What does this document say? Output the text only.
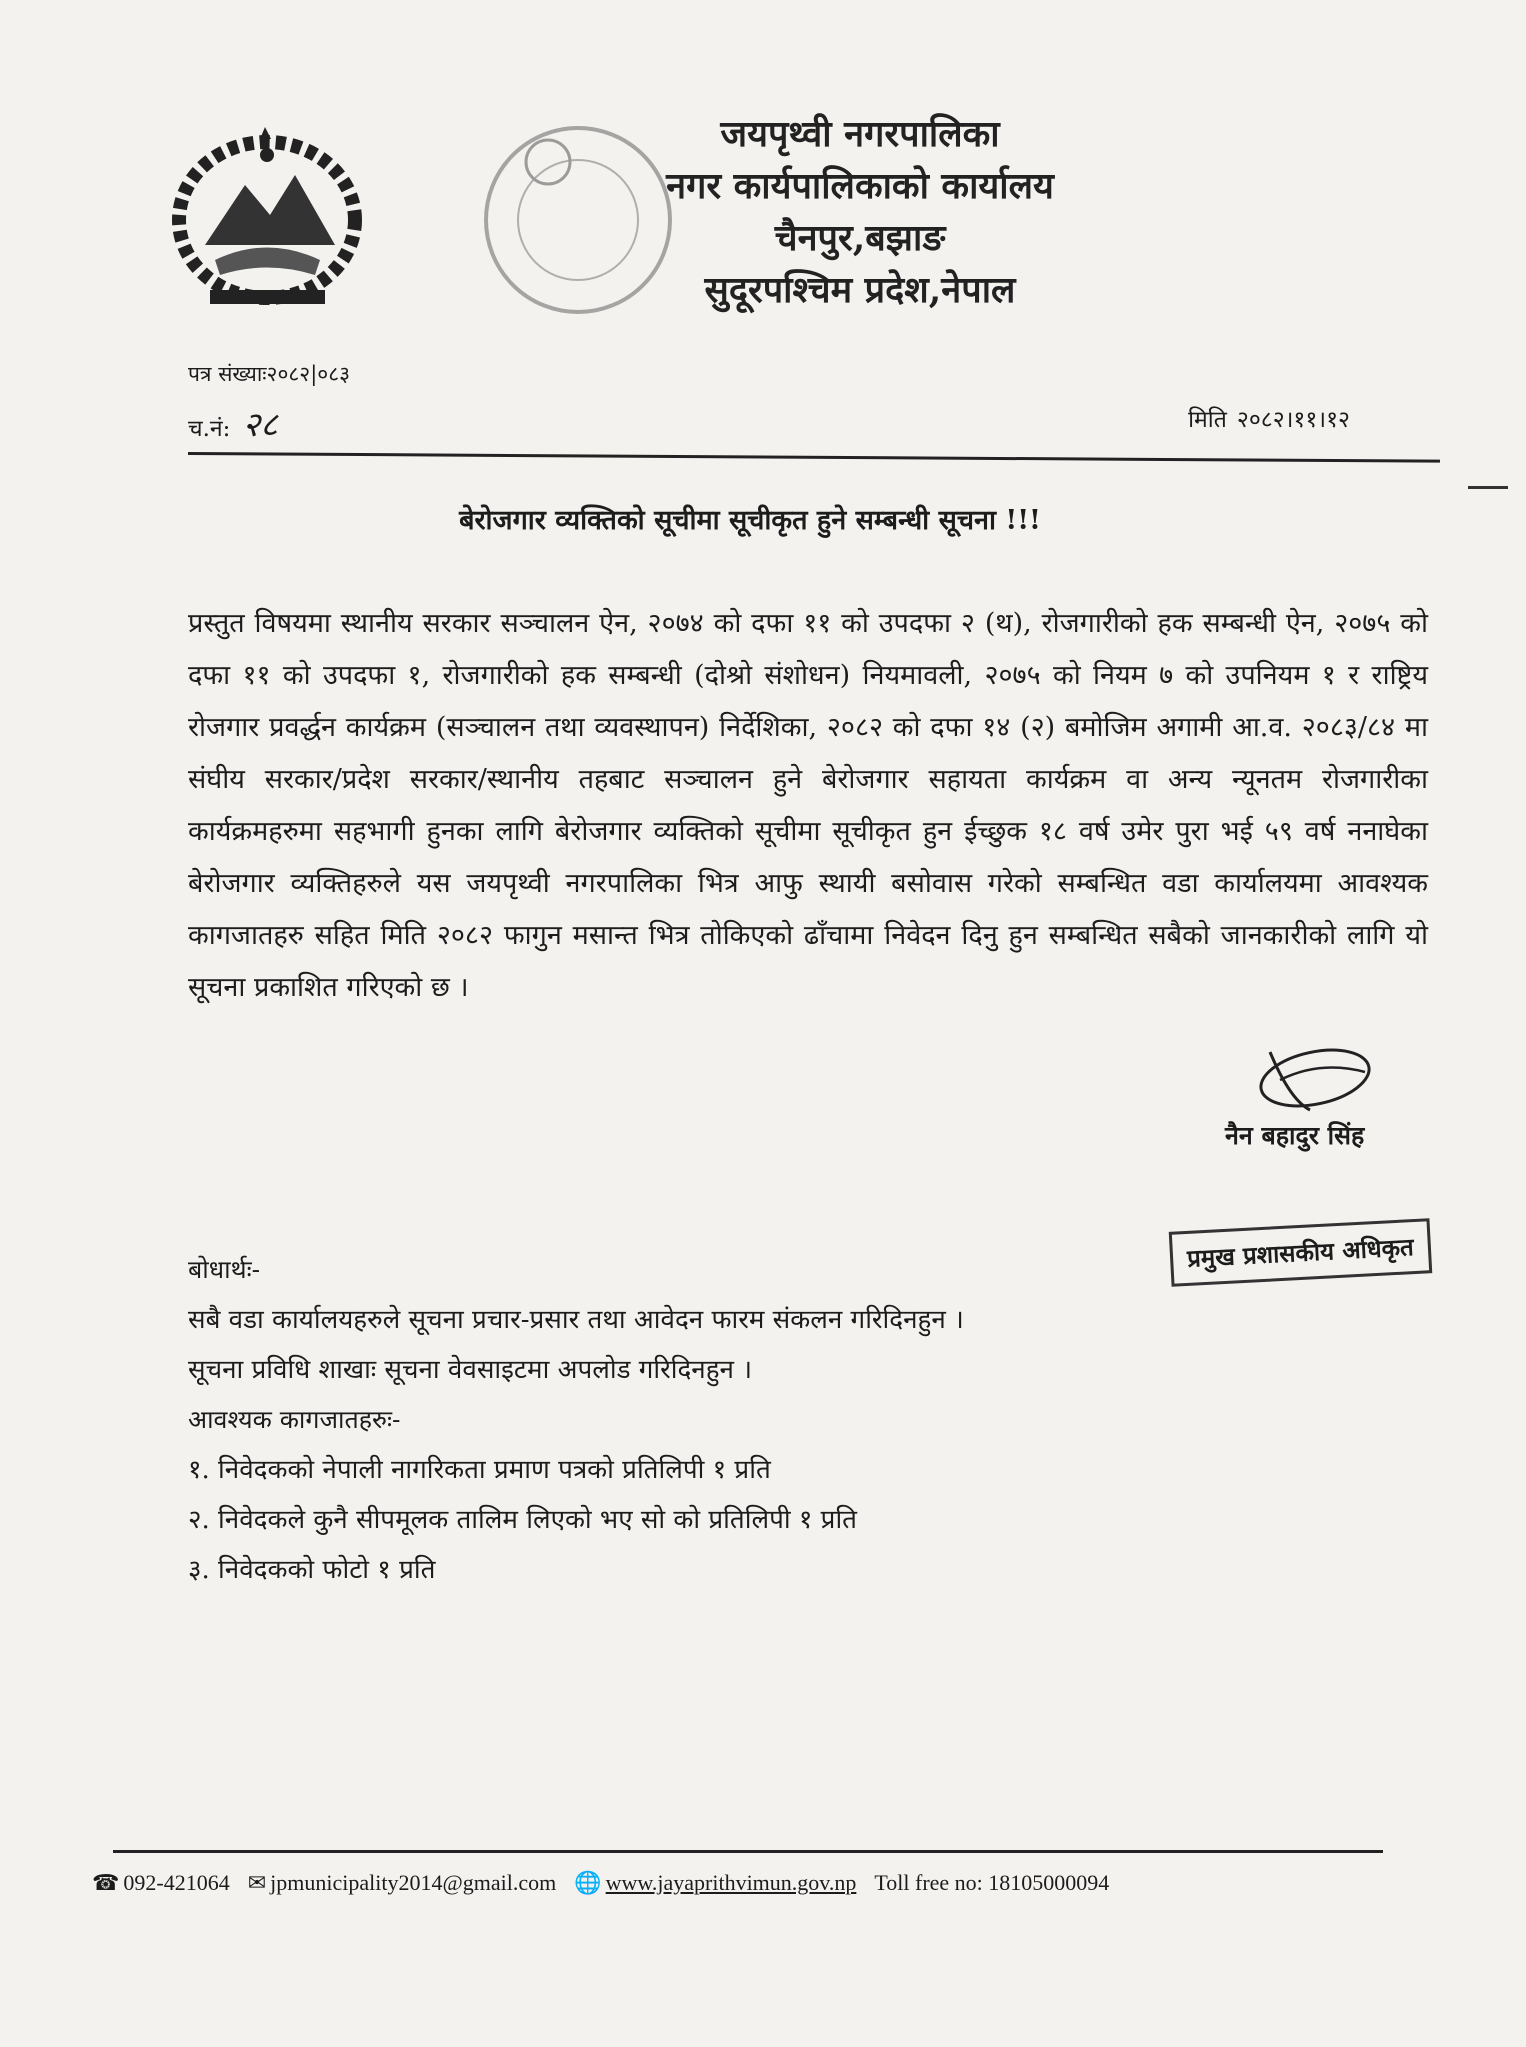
जयपृथ्वी नगरपालिका
नगर कार्यपालिकाको कार्यालय
चैनपुर,बझाङ
सुदूरपश्चिम प्रदेश,नेपाल
पत्र संख्याः२०८२|०८३
च.नं: २८	मिति २०८२।११।१२
बेरोजगार व्यक्तिको सूचीमा सूचीकृत हुने सम्बन्धी सूचना !!!
प्रस्तुत विषयमा स्थानीय सरकार सञ्चालन ऐन, २०७४ को दफा ११ को उपदफा २ (थ), रोजगारीको हक सम्बन्धी ऐन, २०७५ को दफा ११ को उपदफा १, रोजगारीको हक सम्बन्धी (दोश्रो संशोधन) नियमावली, २०७५ को नियम ७ को उपनियम १ र राष्ट्रिय रोजगार प्रवर्द्धन कार्यक्रम (सञ्चालन तथा व्यवस्थापन) निर्देशिका, २०८२ को दफा १४ (२) बमोजिम अगामी आ.व. २०८३/८४ मा संघीय सरकार/प्रदेश सरकार/स्थानीय तहबाट सञ्चालन हुने बेरोजगार सहायता कार्यक्रम वा अन्य न्यूनतम रोजगारीका कार्यक्रमहरुमा सहभागी हुनका लागि बेरोजगार व्यक्तिको सूचीमा सूचीकृत हुन ईच्छुक १८ वर्ष उमेर पुरा भई ५९ वर्ष ननाघेका बेरोजगार व्यक्तिहरुले यस जयपृथ्वी नगरपालिका भित्र आफु स्थायी बसोवास गरेको सम्बन्धित वडा कार्यालयमा आवश्यक कागजातहरु सहित मिति २०८२ फागुन मसान्त भित्र तोकिएको ढाँचामा निवेदन दिनु हुन सम्बन्धित सबैको जानकारीको लागि यो सूचना प्रकाशित गरिएको छ ।
नैन बहादुर सिंह
प्रमुख प्रशासकीय अधिकृत
बोधार्थः-
सबै वडा कार्यालयहरुले सूचना प्रचार-प्रसार तथा आवेदन फारम संकलन गरिदिनहुन ।
सूचना प्रविधि शाखाः सूचना वेवसाइटमा अपलोड गरिदिनहुन ।
आवश्यक कागजातहरुः-
१. निवेदकको नेपाली नागरिकता प्रमाण पत्रको प्रतिलिपी १ प्रति
२. निवेदकले कुनै सीपमूलक तालिम लिएको भए सो को प्रतिलिपी १ प्रति
३. निवेदकको फोटो १ प्रति
☎ 092-421064 ✉ jpmunicipality2014@gmail.com 🌐 www.jayaprithvimun.gov.np Toll free no: 18105000094
